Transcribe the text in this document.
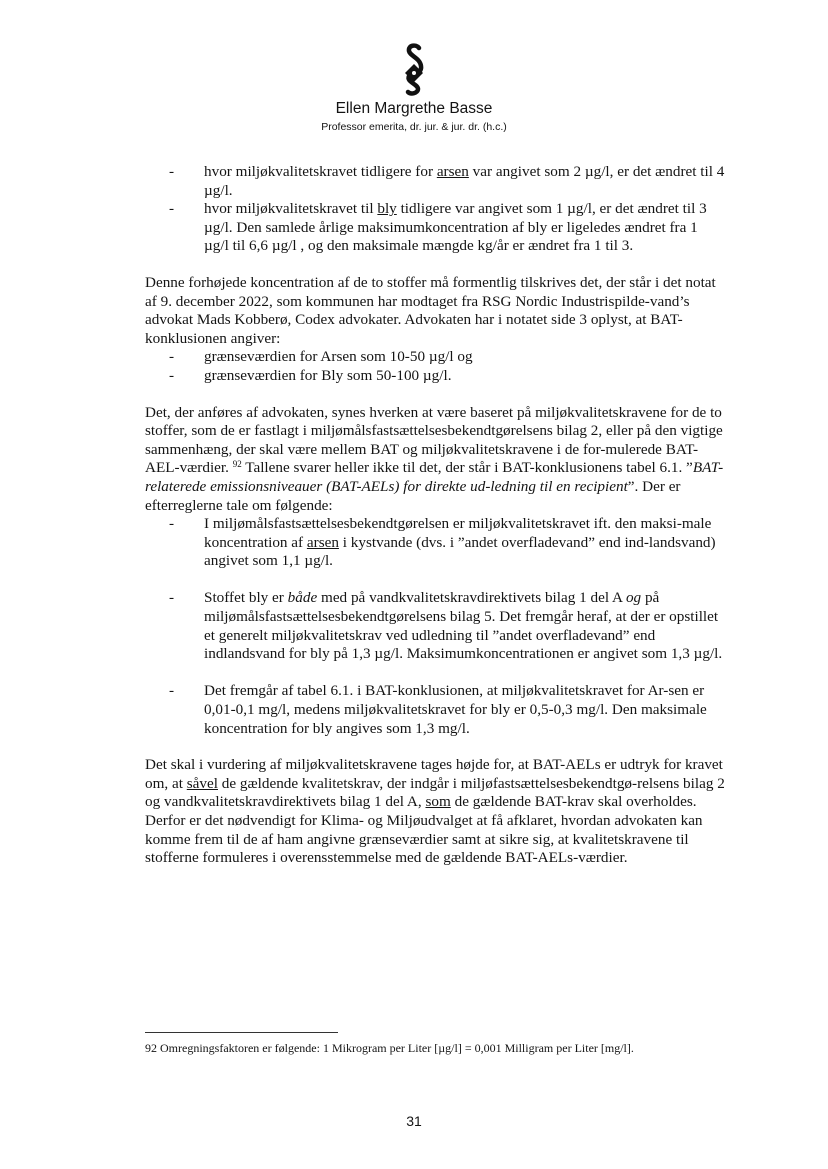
Ellen Margrethe Basse
Professor emerita, dr. jur. & jur. dr. (h.c.)
- hvor miljøkvalitetskravet tidligere for arsen var angivet som 2 µg/l, er det ændret til 4 µg/l.
- hvor miljøkvalitetskravet til bly tidligere var angivet som 1 µg/l, er det ændret til 3 µg/l. Den samlede årlige maksimumkoncentration af bly er ligeledes ændret fra 1 µg/l til 6,6 µg/l , og den maksimale mængde kg/år er ændret fra 1 til 3.

Denne forhøjede koncentration af de to stoffer må formentlig tilskrives det, der står i det notat af 9. december 2022, som kommunen har modtaget fra RSG Nordic Industrispilde-vand’s advokat Mads Kobberø, Codex advokater. Advokaten har i notatet side 3 oplyst, at BAT-konklusionen angiver:

- grænseværdien for Arsen som 10-50 µg/l og
- grænseværdien for Bly som 50-100 µg/l.

Det, der anføres af advokaten, synes hverken at være baseret på miljøkvalitetskravene for de to stoffer, som de er fastlagt i miljømålsfastsættelsesbekendtgørelsens bilag 2, eller på den vigtige sammenhæng, der skal være mellem BAT og miljøkvalitetskravene i de for-mulerede BAT-AEL-værdier. $^{92}$ Tallene svarer heller ikke til det, der står i BAT-konklusionens tabel 6.1. ”BAT-relaterede emissionsniveauer (BAT-AELs) for direkte ud-ledning til en recipient”. Der er efterreglerne tale om følgende:

- I miljømålsfastsættelsesbekendtgørelsen er miljøkvalitetskravet ift. den maksi-male koncentration af arsen i kystvande (dvs. i ”andet overfladevand” end ind-landsvand) angivet som 1,1 µg/l.
- Stoffet bly er både med på vandkvalitetskravdirektivets bilag 1 del A og på miljømålsfastsættelsesbekendtgørelsens bilag 5. Det fremgår heraf, at der er opstillet et generelt miljøkvalitetskrav ved udledning til ”andet overfladevand” end indlandsvand for bly på 1,3 µg/l. Maksimumkoncentrationen er angivet som 1,3 µg/l.
- Det fremgår af tabel 6.1. i BAT-konklusionen, at miljøkvalitetskravet for Ar-sen er 0,01-0,1 mg/l, medens miljøkvalitetskravet for bly er 0,5-0,3 mg/l. Den maksimale koncentration for bly angives som 1,3 mg/l.

Det skal i vurdering af miljøkvalitetskravene tages højde for, at BAT-AELs er udtryk for kravet om, at såvel de gældende kvalitetskrav, der indgår i miljøfastsættelsesbekendtgø-relsens bilag 2 og vandkvalitetskravdirektivets bilag 1 del A, som de gældende BAT-krav skal overholdes. Derfor er det nødvendigt for Klima- og Miljøudvalget at få afklaret, hvordan advokaten kan komme frem til de af ham angivne grænseværdier samt at sikre sig, at kvalitetskravene til stofferne formuleres i overensstemmelse med de gældende BAT-AELs-værdier.

92 Omregningsfaktoren er følgende: 1 Mikrogram per Liter [µg/l] = 0,001 Milligram per Liter [mg/l].
31
